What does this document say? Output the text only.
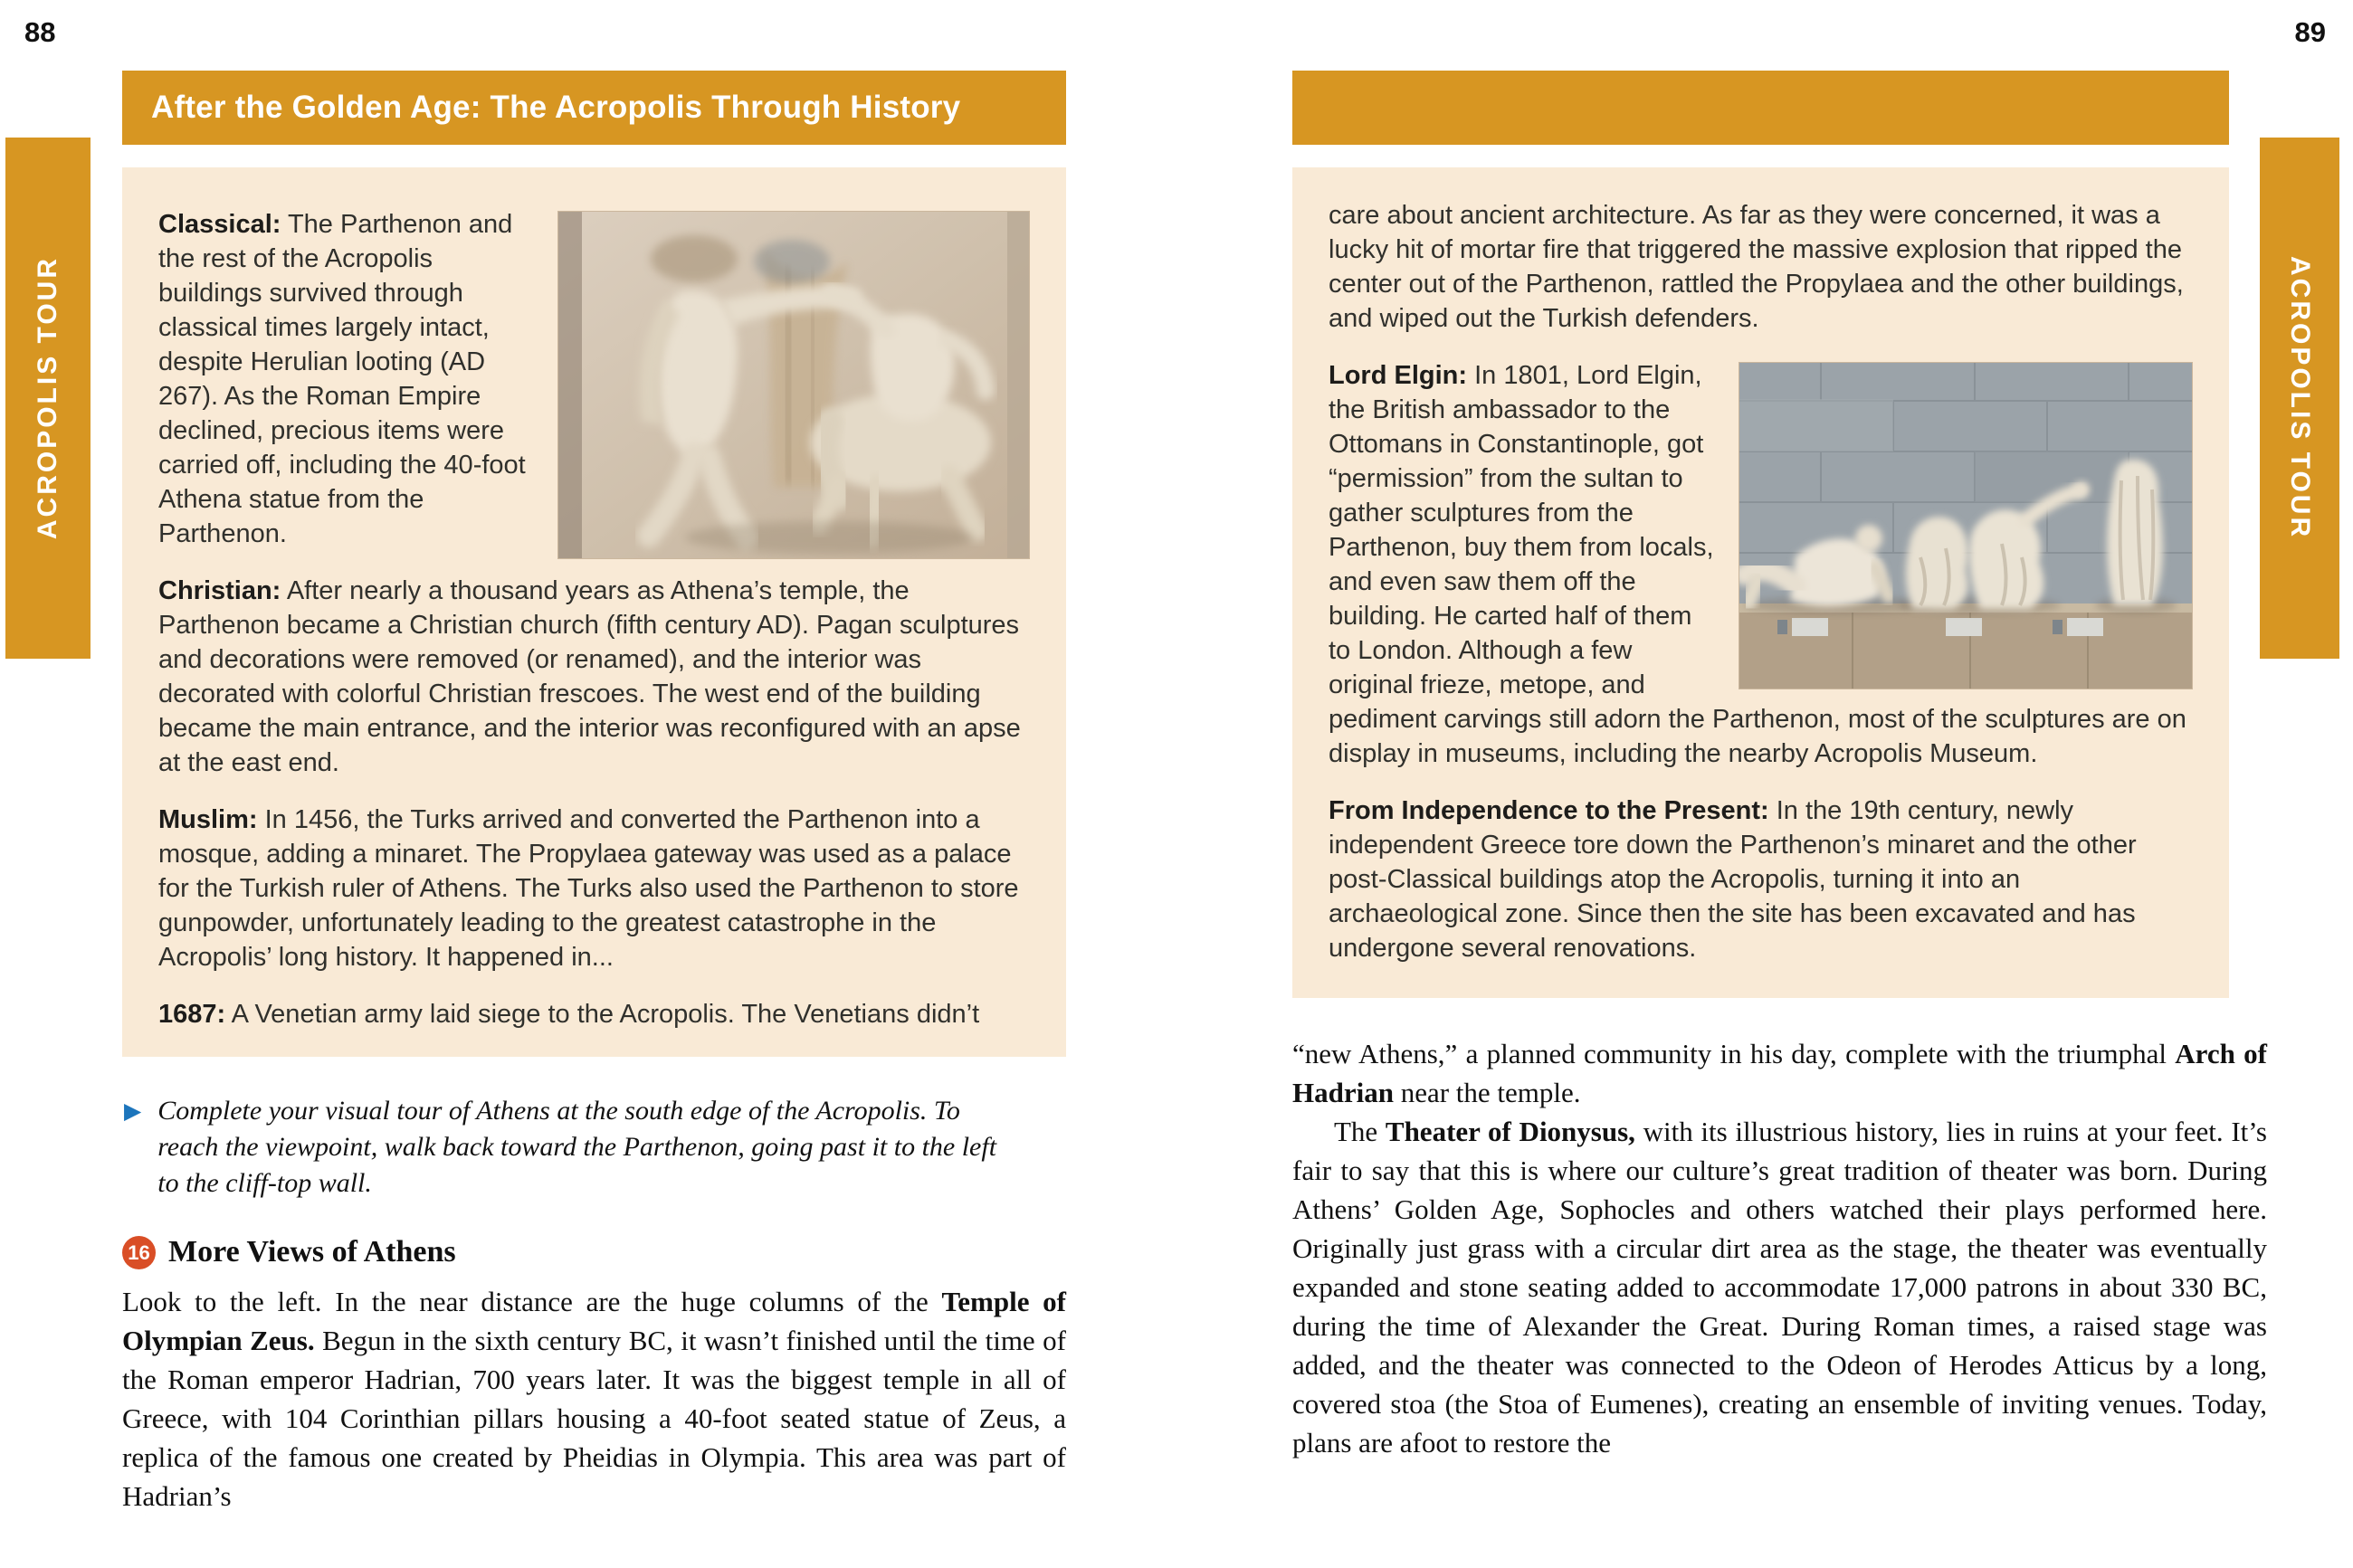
88	89
ACROPOLIS TOUR	ACROPOLIS TOUR
After the Golden Age: The Acropolis Through History

Classical: The Parthenon and the rest of the Acropolis buildings survived through classical times largely intact, despite Herulian looting (AD 267). As the Roman Empire declined, precious items were carried off, including the 40-foot Athena statue from the Parthenon.

Christian: After nearly a thousand years as Athena’s temple, the Parthenon became a Christian church (fifth century AD). Pagan sculptures and decorations were removed (or renamed), and the interior was decorated with colorful Christian frescoes. The west end of the building became the main entrance, and the interior was reconfigured with an apse at the east end.

Muslim: In 1456, the Turks arrived and converted the Parthenon into a mosque, adding a minaret. The Propylaea gateway was used as a palace for the Turkish ruler of Athens. The Turks also used the Parthenon to store gunpowder, unfortunately leading to the greatest catastrophe in the Acropolis’ long history. It happened in...

1687: A Venetian army laid siege to the Acropolis. The Venetians didn’t

▶ Complete your visual tour of Athens at the south edge of the Acropolis. To reach the viewpoint, walk back toward the Parthenon, going past it to the left to the cliff-top wall.

16 More Views of Athens

Look to the left. In the near distance are the huge columns of the Temple of Olympian Zeus. Begun in the sixth century BC, it wasn’t finished until the time of the Roman emperor Hadrian, 700 years later. It was the biggest temple in all of Greece, with 104 Corinthian pillars housing a 40-foot seated statue of Zeus, a replica of the famous one created by Pheidias in Olympia. This area was part of Hadrian’s

care about ancient architecture. As far as they were concerned, it was a lucky hit of mortar fire that triggered the massive explosion that ripped the center out of the Parthenon, rattled the Propylaea and the other buildings, and wiped out the Turkish defenders.

Lord Elgin: In 1801, Lord Elgin, the British ambassador to the Ottomans in Constantinople, got “permission” from the sultan to gather sculptures from the Parthenon, buy them from locals, and even saw them off the building. He carted half of them to London. Although a few original frieze, metope, and pediment carvings still adorn the Parthenon, most of the sculptures are on display in museums, including the nearby Acropolis Museum.

From Independence to the Present: In the 19th century, newly independent Greece tore down the Parthenon’s minaret and the other post-Classical buildings atop the Acropolis, turning it into an archaeological zone. Since then the site has been excavated and has undergone several renovations.

“new Athens,” a planned community in his day, complete with the triumphal Arch of Hadrian near the temple.

The Theater of Dionysus, with its illustrious history, lies in ruins at your feet. It’s fair to say that this is where our culture’s great tradition of theater was born. During Athens’ Golden Age, Sophocles and others watched their plays performed here. Originally just grass with a circular dirt area as the stage, the theater was eventually expanded and stone seating added to accommodate 17,000 patrons in about 330 BC, during the time of Alexander the Great. During Roman times, a raised stage was added, and the theater was connected to the Odeon of Herodes Atticus by a long, covered stoa (the Stoa of Eumenes), creating an ensemble of inviting venues. Today, plans are afoot to restore the
